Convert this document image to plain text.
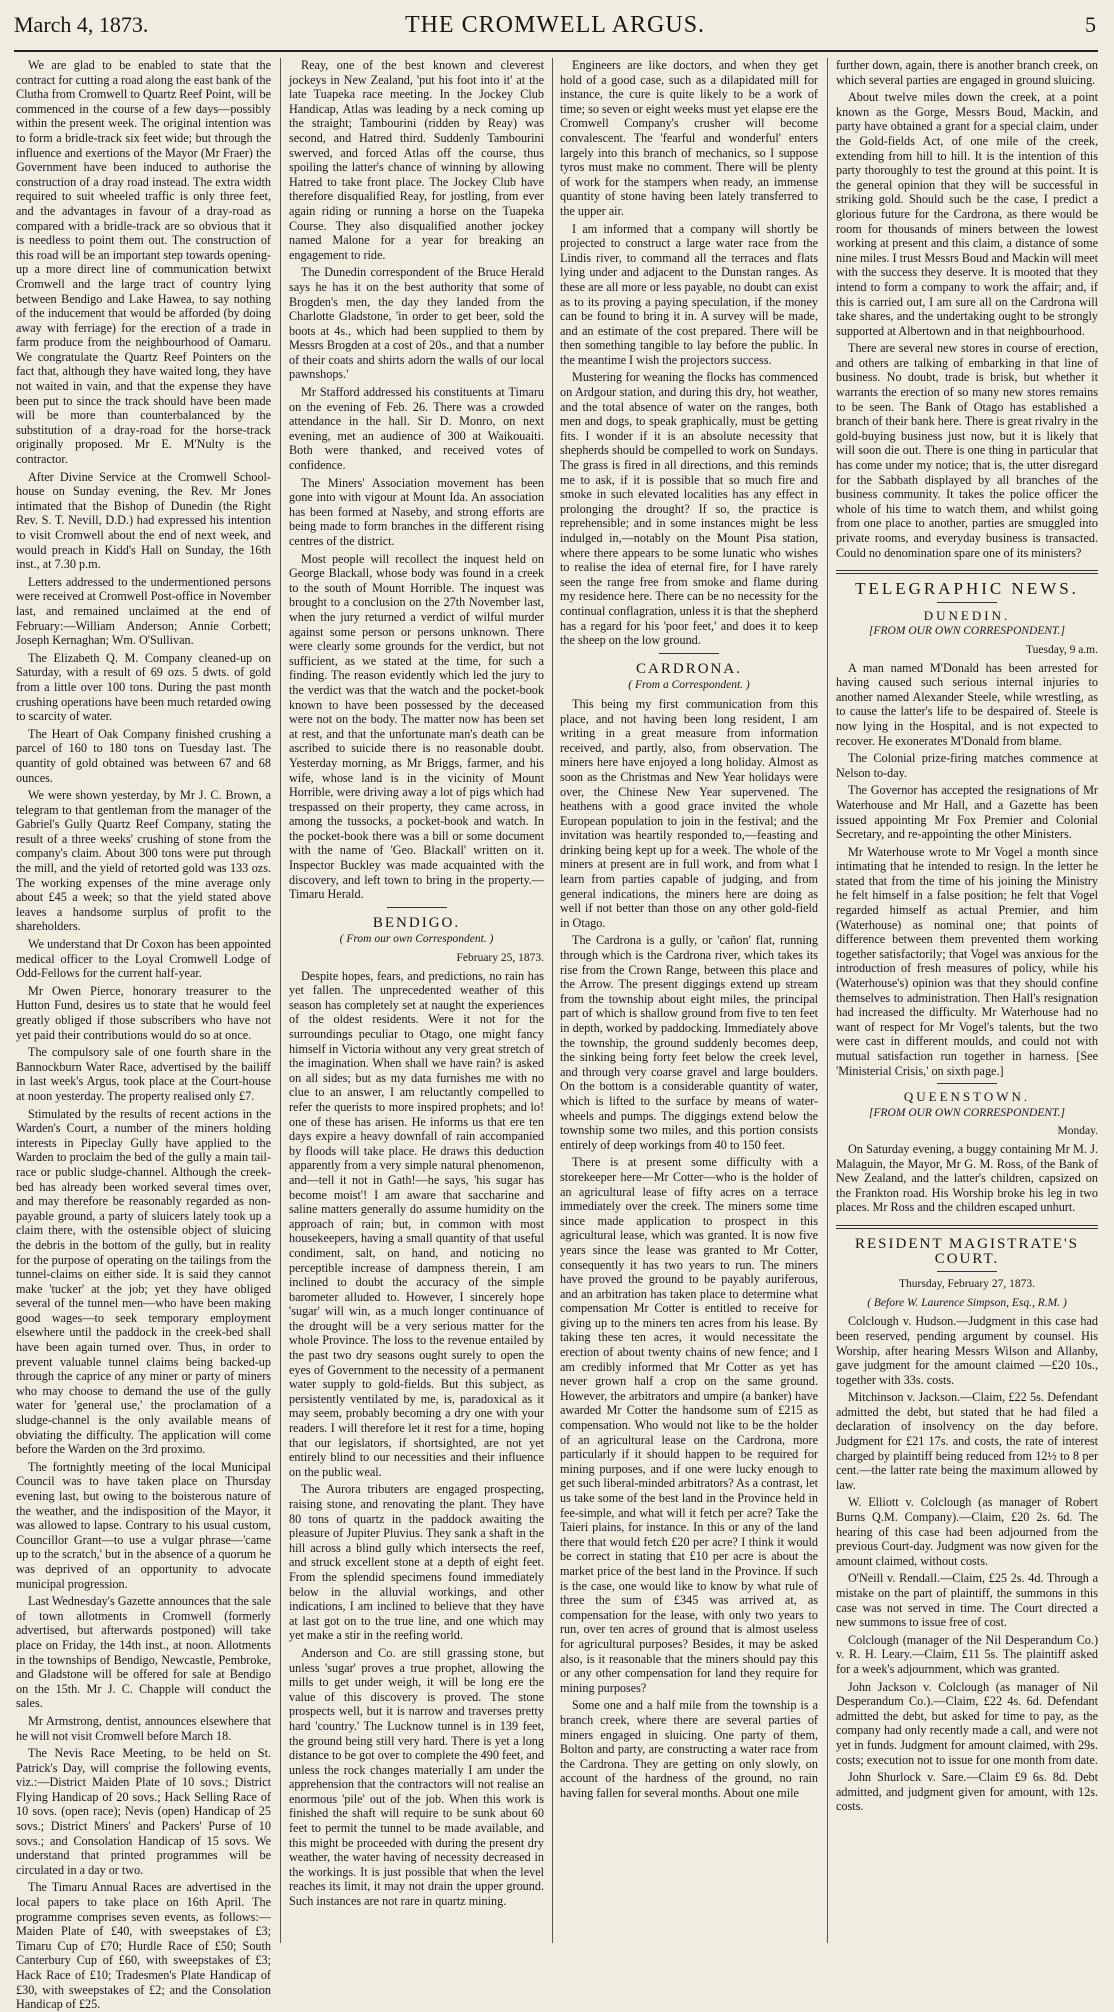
THE CROMWELL ARGUS.
March 4, 1873.	5

We are glad to be enabled to state that the contract for cutting a road along the east bank of the Clutha from Cromwell to Quartz Reef Point, will be commenced in the course of a few days—possibly within the present week. The original intention was to form a bridle-track six feet wide; but through the influence and exertions of the Mayor (Mr Fraer) the Government have been induced to authorise the construction of a dray road instead. The extra width required to suit wheeled traffic is only three feet, and the advantages in favour of a dray-road as compared with a bridle-track are so obvious that it is needless to point them out. The construction of this road will be an important step towards opening-up a more direct line of communication betwixt Cromwell and the large tract of country lying between Bendigo and Lake Hawea, to say nothing of the inducement that would be afforded (by doing away with ferriage) for the erection of a trade in farm produce from the neighbourhood of Oamaru. We congratulate the Quartz Reef Pointers on the fact that, although they have waited long, they have not waited in vain, and that the expense they have been put to since the track should have been made will be more than counterbalanced by the substitution of a dray-road for the horse-track originally proposed. Mr E. M'Nulty is the contractor.

After Divine Service at the Cromwell School-house on Sunday evening, the Rev. Mr Jones intimated that the Bishop of Dunedin (the Right Rev. S. T. Nevill, D.D.) had expressed his intention to visit Cromwell about the end of next week, and would preach in Kidd's Hall on Sunday, the 16th inst., at 7.30 p.m.

Letters addressed to the undermentioned persons were received at Cromwell Post-office in November last, and remained unclaimed at the end of February:—William Anderson; Annie Corbett; Joseph Kernaghan; Wm. O'Sullivan.

The Elizabeth Q. M. Company cleaned-up on Saturday, with a result of 69 ozs. 5 dwts. of gold from a little over 100 tons. During the past month crushing operations have been much retarded owing to scarcity of water.

The Heart of Oak Company finished crushing a parcel of 160 to 180 tons on Tuesday last. The quantity of gold obtained was between 67 and 68 ounces.

We were shown yesterday, by Mr J. C. Brown, a telegram to that gentleman from the manager of the Gabriel's Gully Quartz Reef Company, stating the result of a three weeks' crushing of stone from the company's claim. About 300 tons were put through the mill, and the yield of retorted gold was 133 ozs. The working expenses of the mine average only about £45 a week; so that the yield stated above leaves a handsome surplus of profit to the shareholders.

We understand that Dr Coxon has been appointed medical officer to the Loyal Cromwell Lodge of Odd-Fellows for the current half-year.

Mr Owen Pierce, honorary treasurer to the Hutton Fund, desires us to state that he would feel greatly obliged if those subscribers who have not yet paid their contributions would do so at once.

The compulsory sale of one fourth share in the Bannockburn Water Race, advertised by the bailiff in last week's Argus, took place at the Court-house at noon yesterday. The property realised only £7.

Stimulated by the results of recent actions in the Warden's Court, a number of the miners holding interests in Pipeclay Gully have applied to the Warden to proclaim the bed of the gully a main tail-race or public sludge-channel. Although the creek-bed has already been worked several times over, and may therefore be reasonably regarded as non-payable ground, a party of sluicers lately took up a claim there, with the ostensible object of sluicing the debris in the bottom of the gully, but in reality for the purpose of operating on the tailings from the tunnel-claims on either side. It is said they cannot make 'tucker' at the job; yet they have obliged several of the tunnel men—who have been making good wages—to seek temporary employment elsewhere until the paddock in the creek-bed shall have been again turned over. Thus, in order to prevent valuable tunnel claims being backed-up through the caprice of any miner or party of miners who may choose to demand the use of the gully water for 'general use,' the proclamation of a sludge-channel is the only available means of obviating the difficulty. The application will come before the Warden on the 3rd proximo.

The fortnightly meeting of the local Municipal Council was to have taken place on Thursday evening last, but owing to the boisterous nature of the weather, and the indisposition of the Mayor, it was allowed to lapse. Contrary to his usual custom, Councillor Grant—to use a vulgar phrase—'came up to the scratch,' but in the absence of a quorum he was deprived of an opportunity to advocate municipal progression.

Last Wednesday's Gazette announces that the sale of town allotments in Cromwell (formerly advertised, but afterwards postponed) will take place on Friday, the 14th inst., at noon. Allotments in the townships of Bendigo, Newcastle, Pembroke, and Gladstone will be offered for sale at Bendigo on the 15th. Mr J. C. Chapple will conduct the sales.

Mr Armstrong, dentist, announces elsewhere that he will not visit Cromwell before March 18.

The Nevis Race Meeting, to be held on St. Patrick's Day, will comprise the following events, viz.:—District Maiden Plate of 10 sovs.; District Flying Handicap of 20 sovs.; Hack Selling Race of 10 sovs. (open race); Nevis (open) Handicap of 25 sovs.; District Miners' and Packers' Purse of 10 sovs.; and Consolation Handicap of 15 sovs. We understand that printed programmes will be circulated in a day or two.

The Timaru Annual Races are advertised in the local papers to take place on 16th April. The programme comprises seven events, as follows:—Maiden Plate of £40, with sweepstakes of £3; Timaru Cup of £70; Hurdle Race of £50; South Canterbury Cup of £60, with sweepstakes of £3; Hack Race of £10; Tradesmen's Plate Handicap of £30, with sweepstakes of £2; and the Consolation Handicap of £25.

Reay, one of the best known and cleverest jockeys in New Zealand, 'put his foot into it' at the late Tuapeka race meeting. In the Jockey Club Handicap, Atlas was leading by a neck coming up the straight; Tambourini (ridden by Reay) was second, and Hatred third. Suddenly Tambourini swerved, and forced Atlas off the course, thus spoiling the latter's chance of winning by allowing Hatred to take front place. The Jockey Club have therefore disqualified Reay, for jostling, from ever again riding or running a horse on the Tuapeka Course. They also disqualified another jockey named Malone for a year for breaking an engagement to ride.

The Dunedin correspondent of the Bruce Herald says he has it on the best authority that some of Brogden's men, the day they landed from the Charlotte Gladstone, 'in order to get beer, sold the boots at 4s., which had been supplied to them by Messrs Brogden at a cost of 20s., and that a number of their coats and shirts adorn the walls of our local pawnshops.'

Mr Stafford addressed his constituents at Timaru on the evening of Feb. 26. There was a crowded attendance in the hall. Sir D. Monro, on next evening, met an audience of 300 at Waikouaiti. Both were thanked, and received votes of confidence.

The Miners' Association movement has been gone into with vigour at Mount Ida. An association has been formed at Naseby, and strong efforts are being made to form branches in the different rising centres of the district.

Most people will recollect the inquest held on George Blackall, whose body was found in a creek to the south of Mount Horrible. The inquest was brought to a conclusion on the 27th November last, when the jury returned a verdict of wilful murder against some person or persons unknown. There were clearly some grounds for the verdict, but not sufficient, as we stated at the time, for such a finding. The reason evidently which led the jury to the verdict was that the watch and the pocket-book known to have been possessed by the deceased were not on the body. The matter now has been set at rest, and that the unfortunate man's death can be ascribed to suicide there is no reasonable doubt. Yesterday morning, as Mr Briggs, farmer, and his wife, whose land is in the vicinity of Mount Horrible, were driving away a lot of pigs which had trespassed on their property, they came across, in among the tussocks, a pocket-book and watch. In the pocket-book there was a bill or some document with the name of 'Geo. Blackall' written on it. Inspector Buckley was made acquainted with the discovery, and left town to bring in the property.—Timaru Herald.

BENDIGO.
( From our own Correspondent. )
February 25, 1873.

Despite hopes, fears, and predictions, no rain has yet fallen. The unprecedented weather of this season has completely set at naught the experiences of the oldest residents. Were it not for the surroundings peculiar to Otago, one might fancy himself in Victoria without any very great stretch of the imagination. When shall we have rain? is asked on all sides; but as my data furnishes me with no clue to an answer, I am reluctantly compelled to refer the querists to more inspired prophets; and lo! one of these has arisen. He informs us that ere ten days expire a heavy downfall of rain accompanied by floods will take place. He draws this deduction apparently from a very simple natural phenomenon, and—tell it not in Gath!—he says, 'his sugar has become moist'! I am aware that saccharine and saline matters generally do assume humidity on the approach of rain; but, in common with most housekeepers, having a small quantity of that useful condiment, salt, on hand, and noticing no perceptible increase of dampness therein, I am inclined to doubt the accuracy of the simple barometer alluded to. However, I sincerely hope 'sugar' will win, as a much longer continuance of the drought will be a very serious matter for the whole Province. The loss to the revenue entailed by the past two dry seasons ought surely to open the eyes of Government to the necessity of a permanent water supply to gold-fields. But this subject, as persistently ventilated by me, is, paradoxical as it may seem, probably becoming a dry one with your readers. I will therefore let it rest for a time, hoping that our legislators, if shortsighted, are not yet entirely blind to our necessities and their influence on the public weal.

The Aurora tributers are engaged prospecting, raising stone, and renovating the plant. They have 80 tons of quartz in the paddock awaiting the pleasure of Jupiter Pluvius. They sank a shaft in the hill across a blind gully which intersects the reef, and struck excellent stone at a depth of eight feet. From the splendid specimens found immediately below in the alluvial workings, and other indications, I am inclined to believe that they have at last got on to the true line, and one which may yet make a stir in the reefing world.

Anderson and Co. are still grassing stone, but unless 'sugar' proves a true prophet, allowing the mills to get under weigh, it will be long ere the value of this discovery is proved. The stone prospects well, but it is narrow and traverses pretty hard 'country.' The Lucknow tunnel is in 139 feet, the ground being still very hard. There is yet a long distance to be got over to complete the 490 feet, and unless the rock changes materially I am under the apprehension that the contractors will not realise an enormous 'pile' out of the job. When this work is finished the shaft will require to be sunk about 60 feet to permit the tunnel to be made available, and this might be proceeded with during the present dry weather, the water having of necessity decreased in the workings. It is just possible that when the level reaches its limit, it may not drain the upper ground. Such instances are not rare in quartz mining.

Engineers are like doctors, and when they get hold of a good case, such as a dilapidated mill for instance, the cure is quite likely to be a work of time; so seven or eight weeks must yet elapse ere the Cromwell Company's crusher will become convalescent. The 'fearful and wonderful' enters largely into this branch of mechanics, so I suppose tyros must make no comment. There will be plenty of work for the stampers when ready, an immense quantity of stone having been lately transferred to the upper air.

I am informed that a company will shortly be projected to construct a large water race from the Lindis river, to command all the terraces and flats lying under and adjacent to the Dunstan ranges. As these are all more or less payable, no doubt can exist as to its proving a paying speculation, if the money can be found to bring it in. A survey will be made, and an estimate of the cost prepared. There will be then something tangible to lay before the public. In the meantime I wish the projectors success.

Mustering for weaning the flocks has commenced on Ardgour station, and during this dry, hot weather, and the total absence of water on the ranges, both men and dogs, to speak graphically, must be getting fits. I wonder if it is an absolute necessity that shepherds should be compelled to work on Sundays. The grass is fired in all directions, and this reminds me to ask, if it is possible that so much fire and smoke in such elevated localities has any effect in prolonging the drought? If so, the practice is reprehensible; and in some instances might be less indulged in,—notably on the Mount Pisa station, where there appears to be some lunatic who wishes to realise the idea of eternal fire, for I have rarely seen the range free from smoke and flame during my residence here. There can be no necessity for the continual conflagration, unless it is that the shepherd has a regard for his 'poor feet,' and does it to keep the sheep on the low ground.

CARDRONA.
( From a Correspondent. )

This being my first communication from this place, and not having been long resident, I am writing in a great measure from information received, and partly, also, from observation. The miners here have enjoyed a long holiday. Almost as soon as the Christmas and New Year holidays were over, the Chinese New Year supervened. The heathens with a good grace invited the whole European population to join in the festival; and the invitation was heartily responded to,—feasting and drinking being kept up for a week. The whole of the miners at present are in full work, and from what I learn from parties capable of judging, and from general indications, the miners here are doing as well if not better than those on any other gold-field in Otago.

The Cardrona is a gully, or 'cañon' flat, running through which is the Cardrona river, which takes its rise from the Crown Range, between this place and the Arrow. The present diggings extend up stream from the township about eight miles, the principal part of which is shallow ground from five to ten feet in depth, worked by paddocking. Immediately above the township, the ground suddenly becomes deep, the sinking being forty feet below the creek level, and through very coarse gravel and large boulders. On the bottom is a considerable quantity of water, which is lifted to the surface by means of water-wheels and pumps. The diggings extend below the township some two miles, and this portion consists entirely of deep workings from 40 to 150 feet.

There is at present some difficulty with a storekeeper here—Mr Cotter—who is the holder of an agricultural lease of fifty acres on a terrace immediately over the creek. The miners some time since made application to prospect in this agricultural lease, which was granted. It is now five years since the lease was granted to Mr Cotter, consequently it has two years to run. The miners have proved the ground to be payably auriferous, and an arbitration has taken place to determine what compensation Mr Cotter is entitled to receive for giving up to the miners ten acres from his lease. By taking these ten acres, it would necessitate the erection of about twenty chains of new fence; and I am credibly informed that Mr Cotter as yet has never grown half a crop on the same ground. However, the arbitrators and umpire (a banker) have awarded Mr Cotter the handsome sum of £215 as compensation. Who would not like to be the holder of an agricultural lease on the Cardrona, more particularly if it should happen to be required for mining purposes, and if one were lucky enough to get such liberal-minded arbitrators? As a contrast, let us take some of the best land in the Province held in fee-simple, and what will it fetch per acre? Take the Taieri plains, for instance. In this or any of the land there that would fetch £20 per acre? I think it would be correct in stating that £10 per acre is about the market price of the best land in the Province. If such is the case, one would like to know by what rule of three the sum of £345 was arrived at, as compensation for the lease, with only two years to run, over ten acres of ground that is almost useless for agricultural purposes? Besides, it may be asked also, is it reasonable that the miners should pay this or any other compensation for land they require for mining purposes?

Some one and a half mile from the township is a branch creek, where there are several parties of miners engaged in sluicing. One party of them, Bolton and party, are constructing a water race from the Cardrona. They are getting on only slowly, on account of the hardness of the ground, no rain having fallen for several months. About one mile

further down, again, there is another branch creek, on which several parties are engaged in ground sluicing.

About twelve miles down the creek, at a point known as the Gorge, Messrs Boud, Mackin, and party have obtained a grant for a special claim, under the Gold-fields Act, of one mile of the creek, extending from hill to hill. It is the intention of this party thoroughly to test the ground at this point. It is the general opinion that they will be successful in striking gold. Should such be the case, I predict a glorious future for the Cardrona, as there would be room for thousands of miners between the lowest working at present and this claim, a distance of some nine miles. I trust Messrs Boud and Mackin will meet with the success they deserve. It is mooted that they intend to form a company to work the affair; and, if this is carried out, I am sure all on the Cardrona will take shares, and the undertaking ought to be strongly supported at Albertown and in that neighbourhood.

There are several new stores in course of erection, and others are talking of embarking in that line of business. No doubt, trade is brisk, but whether it warrants the erection of so many new stores remains to be seen. The Bank of Otago has established a branch of their bank here. There is great rivalry in the gold-buying business just now, but it is likely that will soon die out. There is one thing in particular that has come under my notice; that is, the utter disregard for the Sabbath displayed by all branches of the business community. It takes the police officer the whole of his time to watch them, and whilst going from one place to another, parties are smuggled into private rooms, and everyday business is transacted. Could no denomination spare one of its ministers?

TELEGRAPHIC NEWS.
DUNEDIN.
[FROM OUR OWN CORRESPONDENT.]
Tuesday, 9 a.m.

A man named M'Donald has been arrested for having caused such serious internal injuries to another named Alexander Steele, while wrestling, as to cause the latter's life to be despaired of. Steele is now lying in the Hospital, and is not expected to recover. He exonerates M'Donald from blame.

The Colonial prize-firing matches commence at Nelson to-day.

The Governor has accepted the resignations of Mr Waterhouse and Mr Hall, and a Gazette has been issued appointing Mr Fox Premier and Colonial Secretary, and re-appointing the other Ministers.

Mr Waterhouse wrote to Mr Vogel a month since intimating that he intended to resign. In the letter he stated that from the time of his joining the Ministry he felt himself in a false position; he felt that Vogel regarded himself as actual Premier, and him (Waterhouse) as nominal one; that points of difference between them prevented them working together satisfactorily; that Vogel was anxious for the introduction of fresh measures of policy, while his (Waterhouse's) opinion was that they should confine themselves to administration. Then Hall's resignation had increased the difficulty. Mr Waterhouse had no want of respect for Mr Vogel's talents, but the two were cast in different moulds, and could not with mutual satisfaction run together in harness. [See 'Ministerial Crisis,' on sixth page.]

QUEENSTOWN.
[FROM OUR OWN CORRESPONDENT.]
Monday.

On Saturday evening, a buggy containing Mr M. J. Malaguin, the Mayor, Mr G. M. Ross, of the Bank of New Zealand, and the latter's children, capsized on the Frankton road. His Worship broke his leg in two places. Mr Ross and the children escaped unhurt.

RESIDENT MAGISTRATE'S COURT.
Thursday, February 27, 1873.
( Before W. Laurence Simpson, Esq., R.M. )

Colclough v. Hudson.—Judgment in this case had been reserved, pending argument by counsel. His Worship, after hearing Messrs Wilson and Allanby, gave judgment for the amount claimed —£20 10s., together with 33s. costs.

Mitchinson v. Jackson.—Claim, £22 5s. Defendant admitted the debt, but stated that he had filed a declaration of insolvency on the day before. Judgment for £21 17s. and costs, the rate of interest charged by plaintiff being reduced from 12½ to 8 per cent.—the latter rate being the maximum allowed by law.

W. Elliott v. Colclough (as manager of Robert Burns Q.M. Company).—Claim, £20 2s. 6d. The hearing of this case had been adjourned from the previous Court-day. Judgment was now given for the amount claimed, without costs.

O'Neill v. Rendall.—Claim, £25 2s. 4d. Through a mistake on the part of plaintiff, the summons in this case was not served in time. The Court directed a new summons to issue free of cost.

Colclough (manager of the Nil Desperandum Co.) v. R. H. Leary.—Claim, £11 5s. The plaintiff asked for a week's adjournment, which was granted.

John Jackson v. Colclough (as manager of Nil Desperandum Co.).—Claim, £22 4s. 6d. Defendant admitted the debt, but asked for time to pay, as the company had only recently made a call, and were not yet in funds. Judgment for amount claimed, with 29s. costs; execution not to issue for one month from date.

John Shurlock v. Sare.—Claim £9 6s. 8d. Debt admitted, and judgment given for amount, with 12s. costs.
